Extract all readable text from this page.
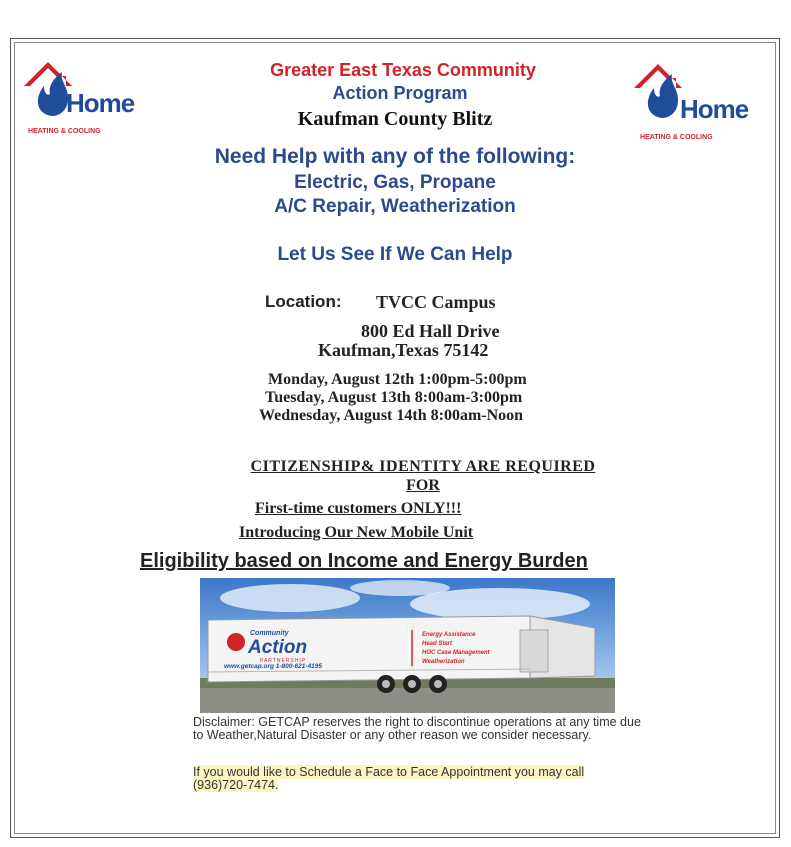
Home
HEATING & COOLING
Home
HEATING & COOLING
Greater East Texas Community
Action Program
Kaufman County Blitz
Need Help with any of the following:
Electric, Gas, Propane
A/C Repair, Weatherization
Let Us See If We Can Help
Location: TVCC Campus
800 Ed Hall Drive
Kaufman,Texas 75142
Monday, August 12th 1:00pm-5:00pm
Tuesday, August 13th 8:00am-3:00pm
Wednesday, August 14th 8:00am-Noon
CITIZENSHIP& IDENTITY ARE REQUIRED
FOR
First-time customers ONLY!!!
Introducing Our New Mobile Unit
Eligibility based on Income and Energy Burden
Community
Action
PARTNERSHIP
www.getcap.org 1-800-621-4195
Energy Assistance
Head Start
HOC Case Management
Weatherization
Disclaimer: GETCAP reserves the right to discontinue operations at any time due to Weather,Natural Disaster or any other reason we consider necessary.
If you would like to Schedule a Face to Face Appointment you may call (936)720-7474.
